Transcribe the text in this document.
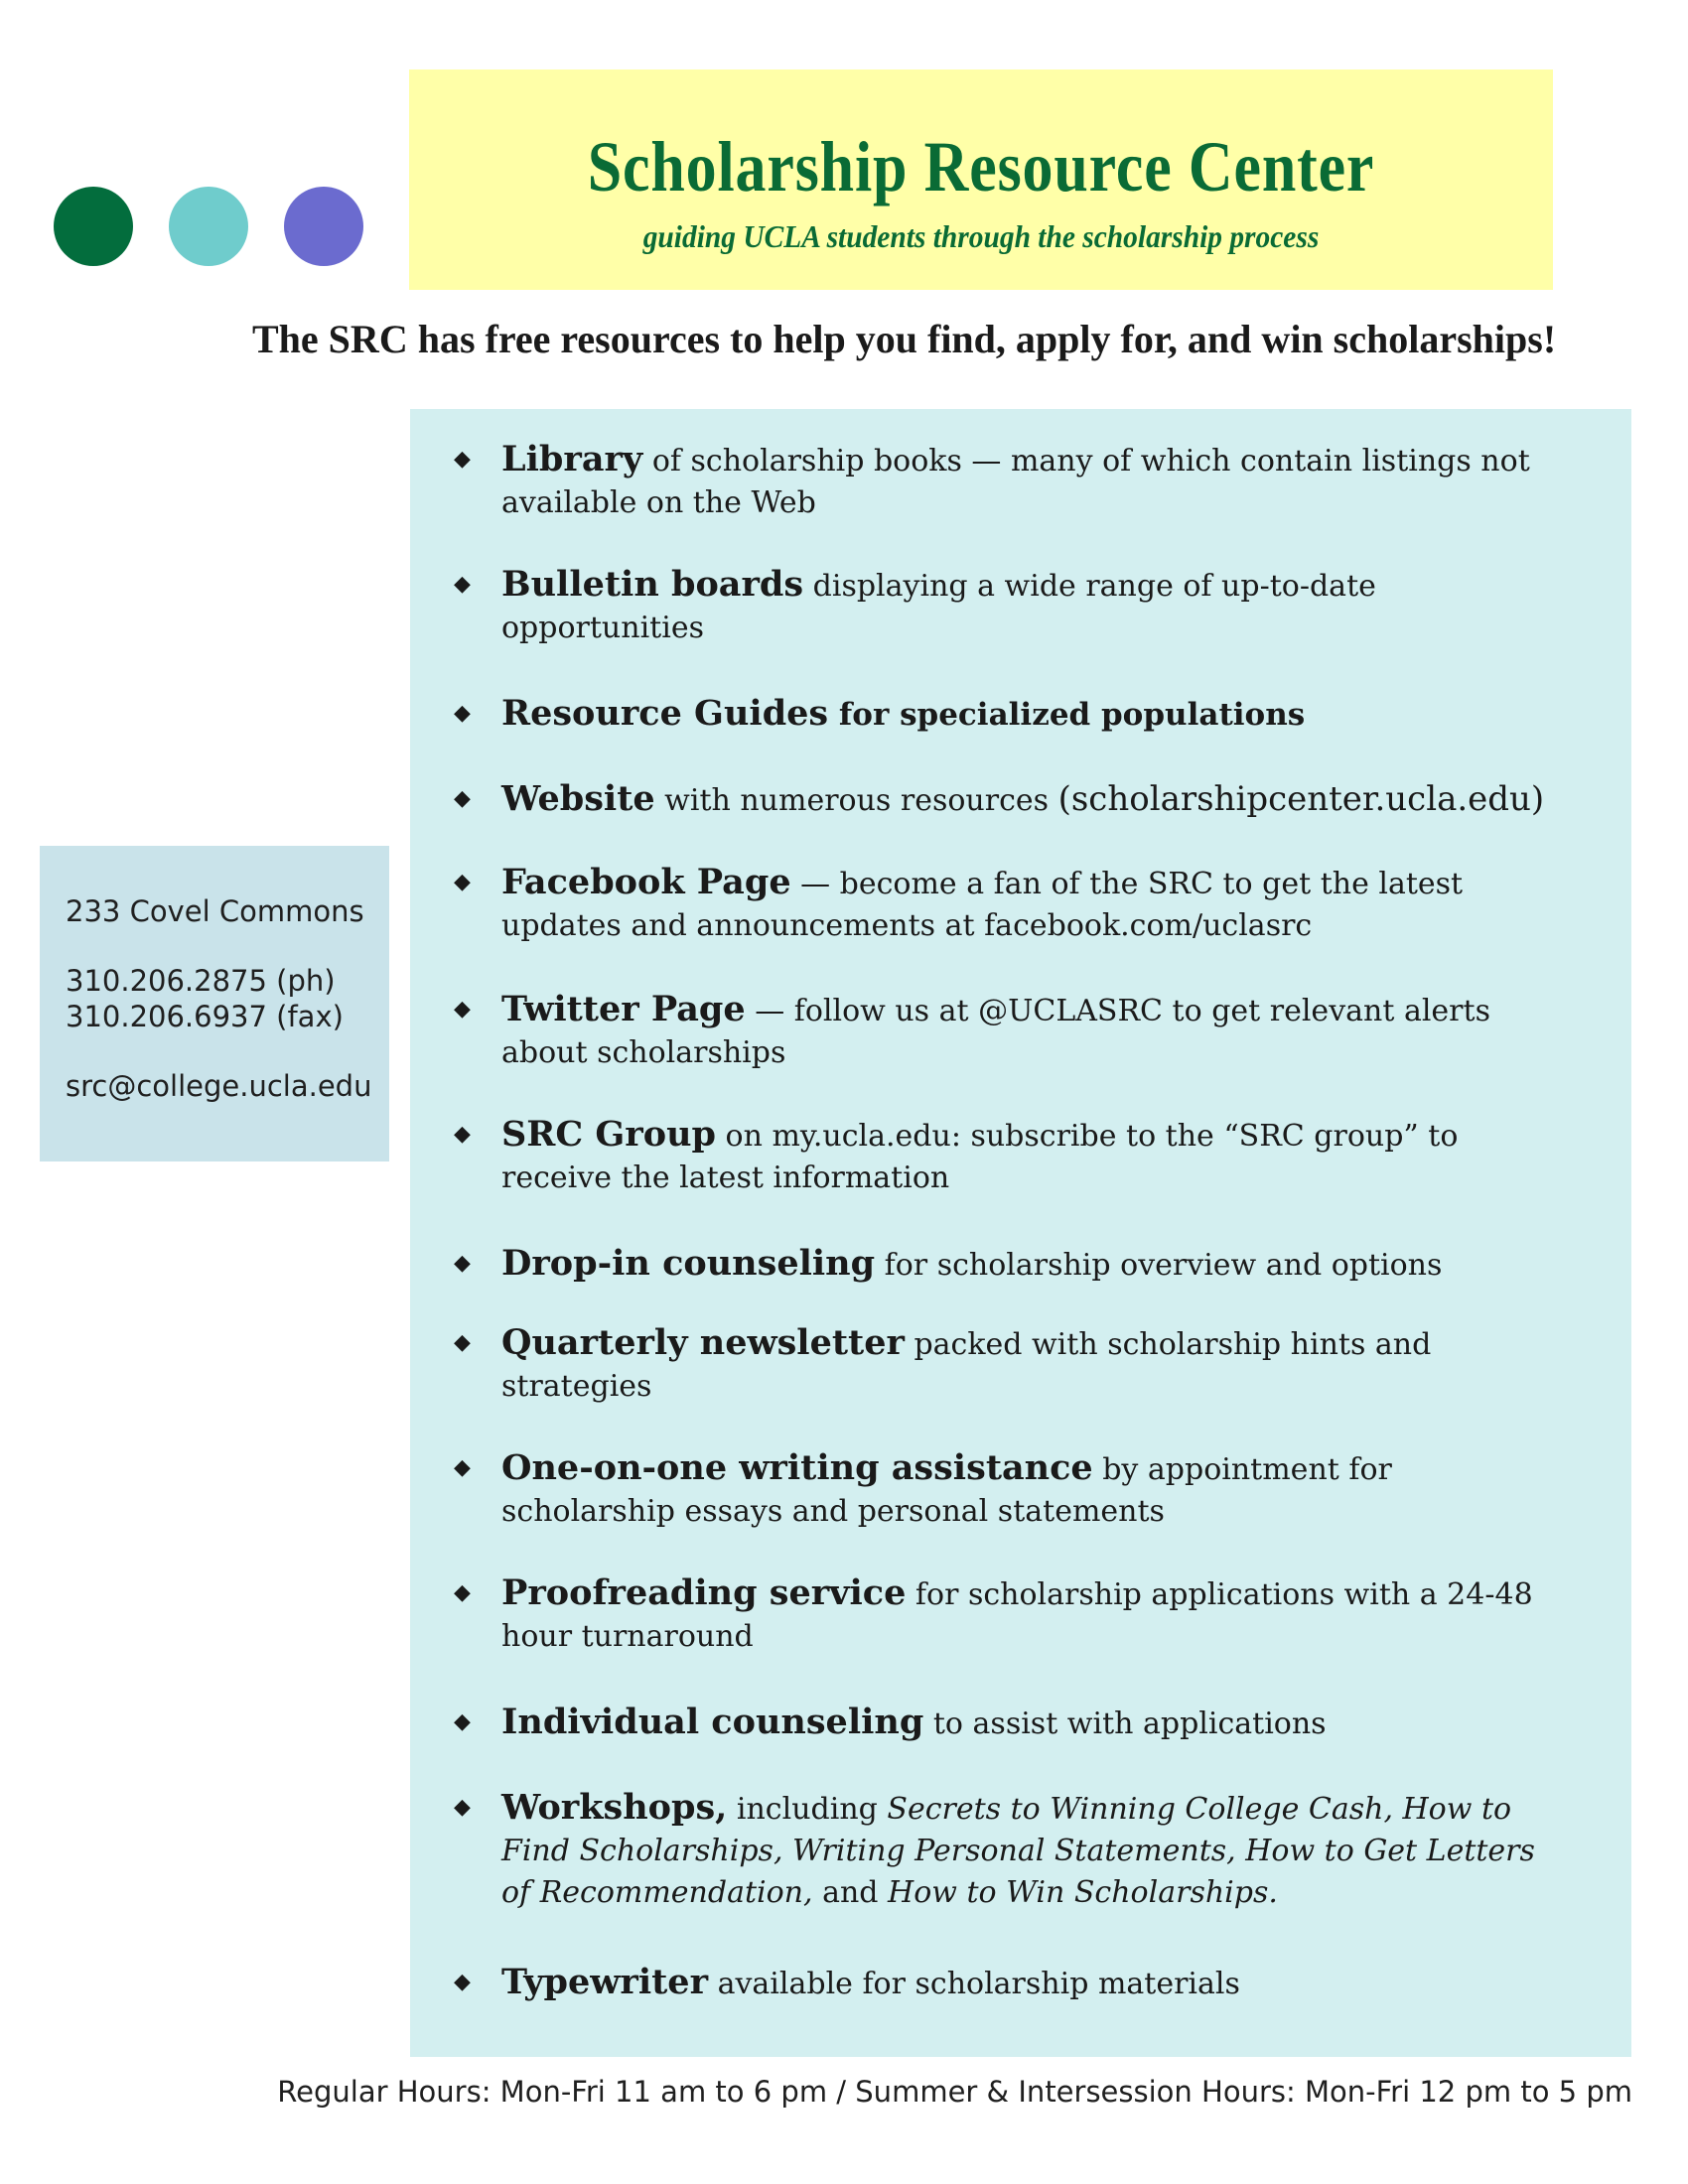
Scholarship Resource Center
guiding UCLA students through the scholarship process
The SRC has free resources to help you find, apply for, and win scholarships!
233 Covel Commons
310.206.2875 (ph)
310.206.6937 (fax)
src@college.ucla.edu
◆ Library of scholarship books — many of which contain listings not available on the Web
◆ Bulletin boards displaying a wide range of up-to-date opportunities
◆ Resource Guides for specialized populations
◆ Website with numerous resources (scholarshipcenter.ucla.edu)
◆ Facebook Page — become a fan of the SRC to get the latest updates and announcements at facebook.com/uclasrc
◆ Twitter Page — follow us at @UCLASRC to get relevant alerts about scholarships
◆ SRC Group on my.ucla.edu: subscribe to the “SRC group” to receive the latest information
◆ Drop-in counseling for scholarship overview and options
◆ Quarterly newsletter packed with scholarship hints and strategies
◆ One-on-one writing assistance by appointment for scholarship essays and personal statements
◆ Proofreading service for scholarship applications with a 24-48 hour turnaround
◆ Individual counseling to assist with applications
◆ Workshops, including Secrets to Winning College Cash, How to Find Scholarships, Writing Personal Statements, How to Get Letters of Recommendation, and How to Win Scholarships.
◆ Typewriter available for scholarship materials
Regular Hours: Mon-Fri 11 am to 6 pm / Summer & Intersession Hours: Mon-Fri 12 pm to 5 pm
